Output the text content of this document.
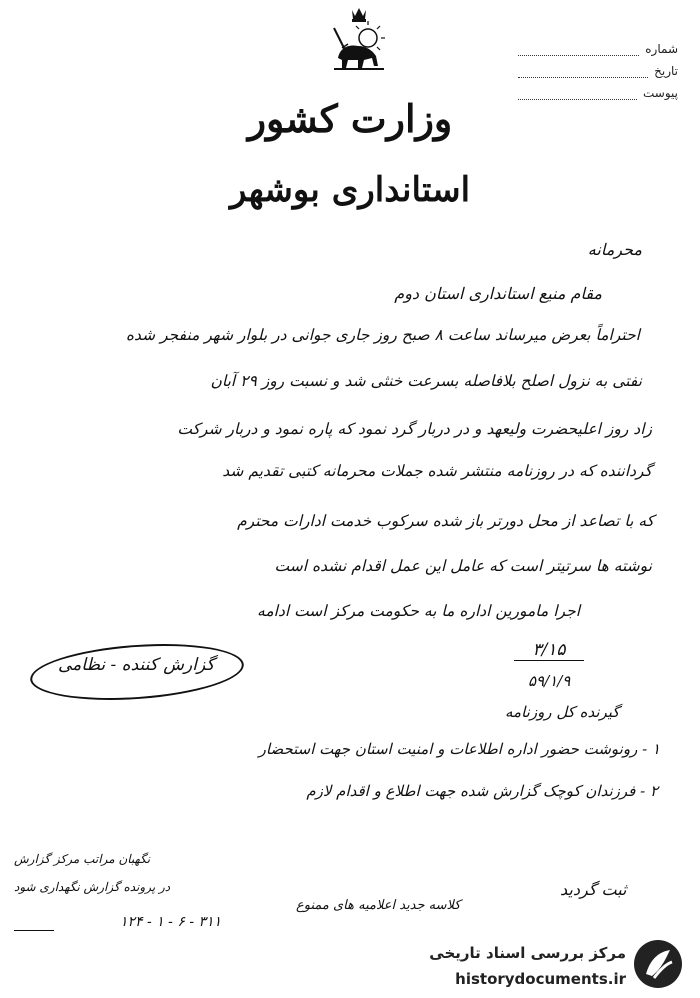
شماره
تاریخ
پیوست
وزارت کشور
استانداری بوشهر
محرمانه
مقام منیع استانداری استان دوم
احتراماً بعرض میرساند ساعت ۸ صبح روز جاری جوانی در بلوار شهر منفجر شده
نفتی به نزول اصلح بلافاصله بسرعت خنثی شد و نسبت روز ۲۹ آبان
زاد روز اعلیحضرت ولیعهد و در دربار گرد نمود که پاره نمود و دربار شرکت
گرداننده که در روزنامه منتشر شده جملات محرمانه کتبی تقدیم شد
که با تصاعد از محل دورتر باز شده سرکوب خدمت ادارات محترم
نوشته ها سرتیتر است که عامل این عمل اقدام نشده است
اجرا مامورین اداره ما به حکومت مرکز است ادامه
گزارش کننده - نظامی
۳/۱۵
۵۹/۱/۹
گیرنده کل روزنامه
۱ - رونوشت حضور اداره اطلاعات و امنیت استان جهت استحضار
۲ - فرزندان کوچک گزارش شده جهت اطلاع و اقدام لازم
نگهبان مراتب مرکز گزارش
در پرونده گزارش نگهداری شود
۳۱۱ - ۶ - ۱ - ۱۲۴
کلاسه جدید اعلامیه های ممنوع
ثبت گردید
مرکز بررسی اسناد تاریخی
historydocuments.ir
